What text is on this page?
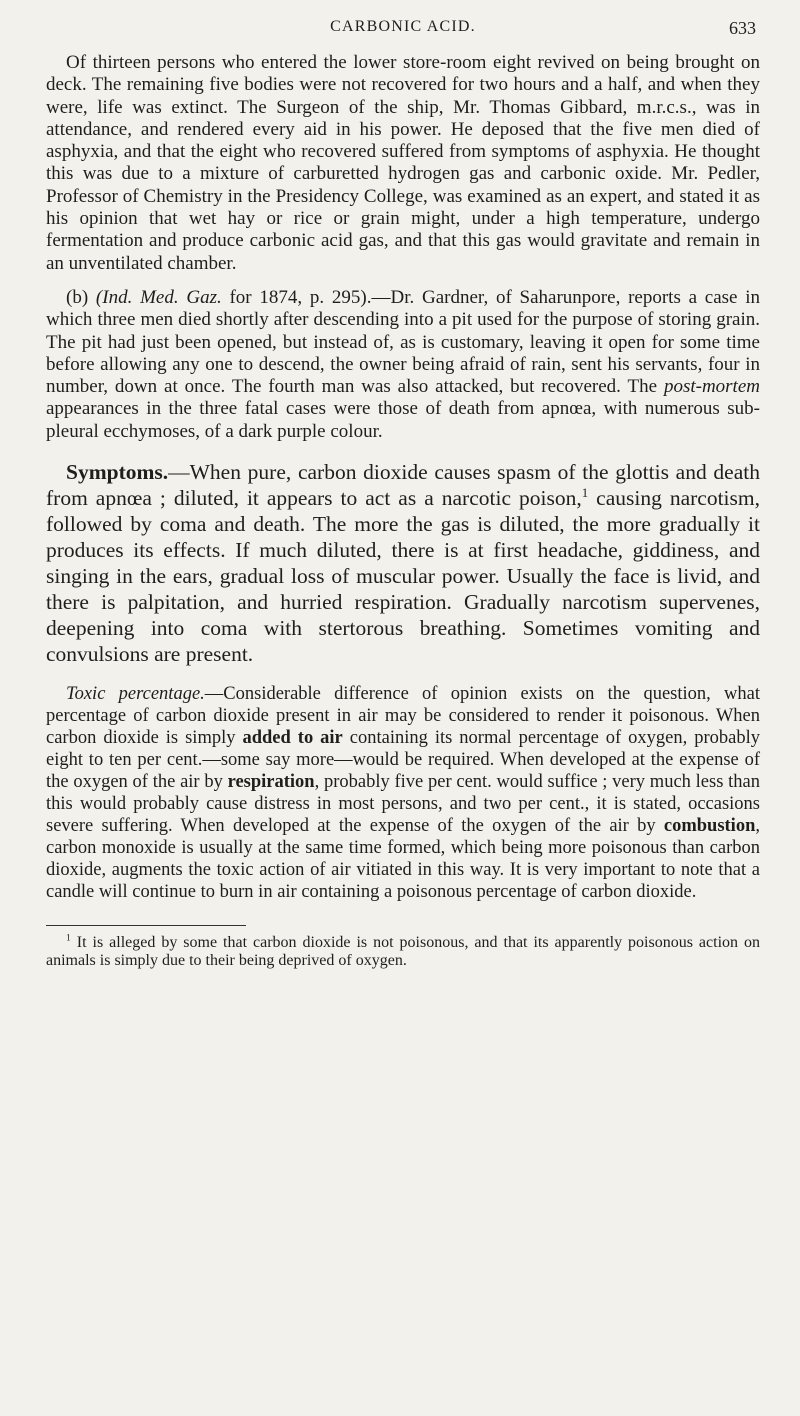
CARBONIC ACID.	633

Of thirteen persons who entered the lower store-room eight revived on being brought on deck. The remaining five bodies were not recovered for two hours and a half, and when they were, life was extinct. The Surgeon of the ship, Mr. Thomas Gibbard, m.r.c.s., was in attendance, and rendered every aid in his power. He deposed that the five men died of asphyxia, and that the eight who recovered suffered from symptoms of asphyxia. He thought this was due to a mixture of carburetted hydrogen gas and carbonic oxide. Mr. Pedler, Professor of Chemistry in the Presidency College, was examined as an expert, and stated it as his opinion that wet hay or rice or grain might, under a high temperature, undergo fermentation and produce carbonic acid gas, and that this gas would gravitate and remain in an unventilated chamber.

(b) (Ind. Med. Gaz. for 1874, p. 295).—Dr. Gardner, of Saharunpore, reports a case in which three men died shortly after descending into a pit used for the purpose of storing grain. The pit had just been opened, but instead of, as is customary, leaving it open for some time before allowing any one to descend, the owner being afraid of rain, sent his servants, four in number, down at once. The fourth man was also attacked, but recovered. The post-mortem appearances in the three fatal cases were those of death from apnœa, with numerous sub-pleural ecchymoses, of a dark purple colour.

Symptoms.—When pure, carbon dioxide causes spasm of the glottis and death from apnœa ; diluted, it appears to act as a narcotic poison,$^1$ causing narcotism, followed by coma and death. The more the gas is diluted, the more gradually it produces its effects. If much diluted, there is at first headache, giddiness, and singing in the ears, gradual loss of muscular power. Usually the face is livid, and there is palpitation, and hurried respiration. Gradually narcotism supervenes, deepening into coma with stertorous breathing. Sometimes vomiting and convulsions are present.

Toxic percentage.—Considerable difference of opinion exists on the question, what percentage of carbon dioxide present in air may be considered to render it poisonous. When carbon dioxide is simply added to air containing its normal percentage of oxygen, probably eight to ten per cent.—some say more—would be required. When developed at the expense of the oxygen of the air by respiration, probably five per cent. would suffice ; very much less than this would probably cause distress in most persons, and two per cent., it is stated, occasions severe suffering. When developed at the expense of the oxygen of the air by combustion, carbon monoxide is usually at the same time formed, which being more poisonous than carbon dioxide, augments the toxic action of air vitiated in this way. It is very important to note that a candle will continue to burn in air containing a poisonous percentage of carbon dioxide.

$^1$ It is alleged by some that carbon dioxide is not poisonous, and that its apparently poisonous action on animals is simply due to their being deprived of oxygen.
